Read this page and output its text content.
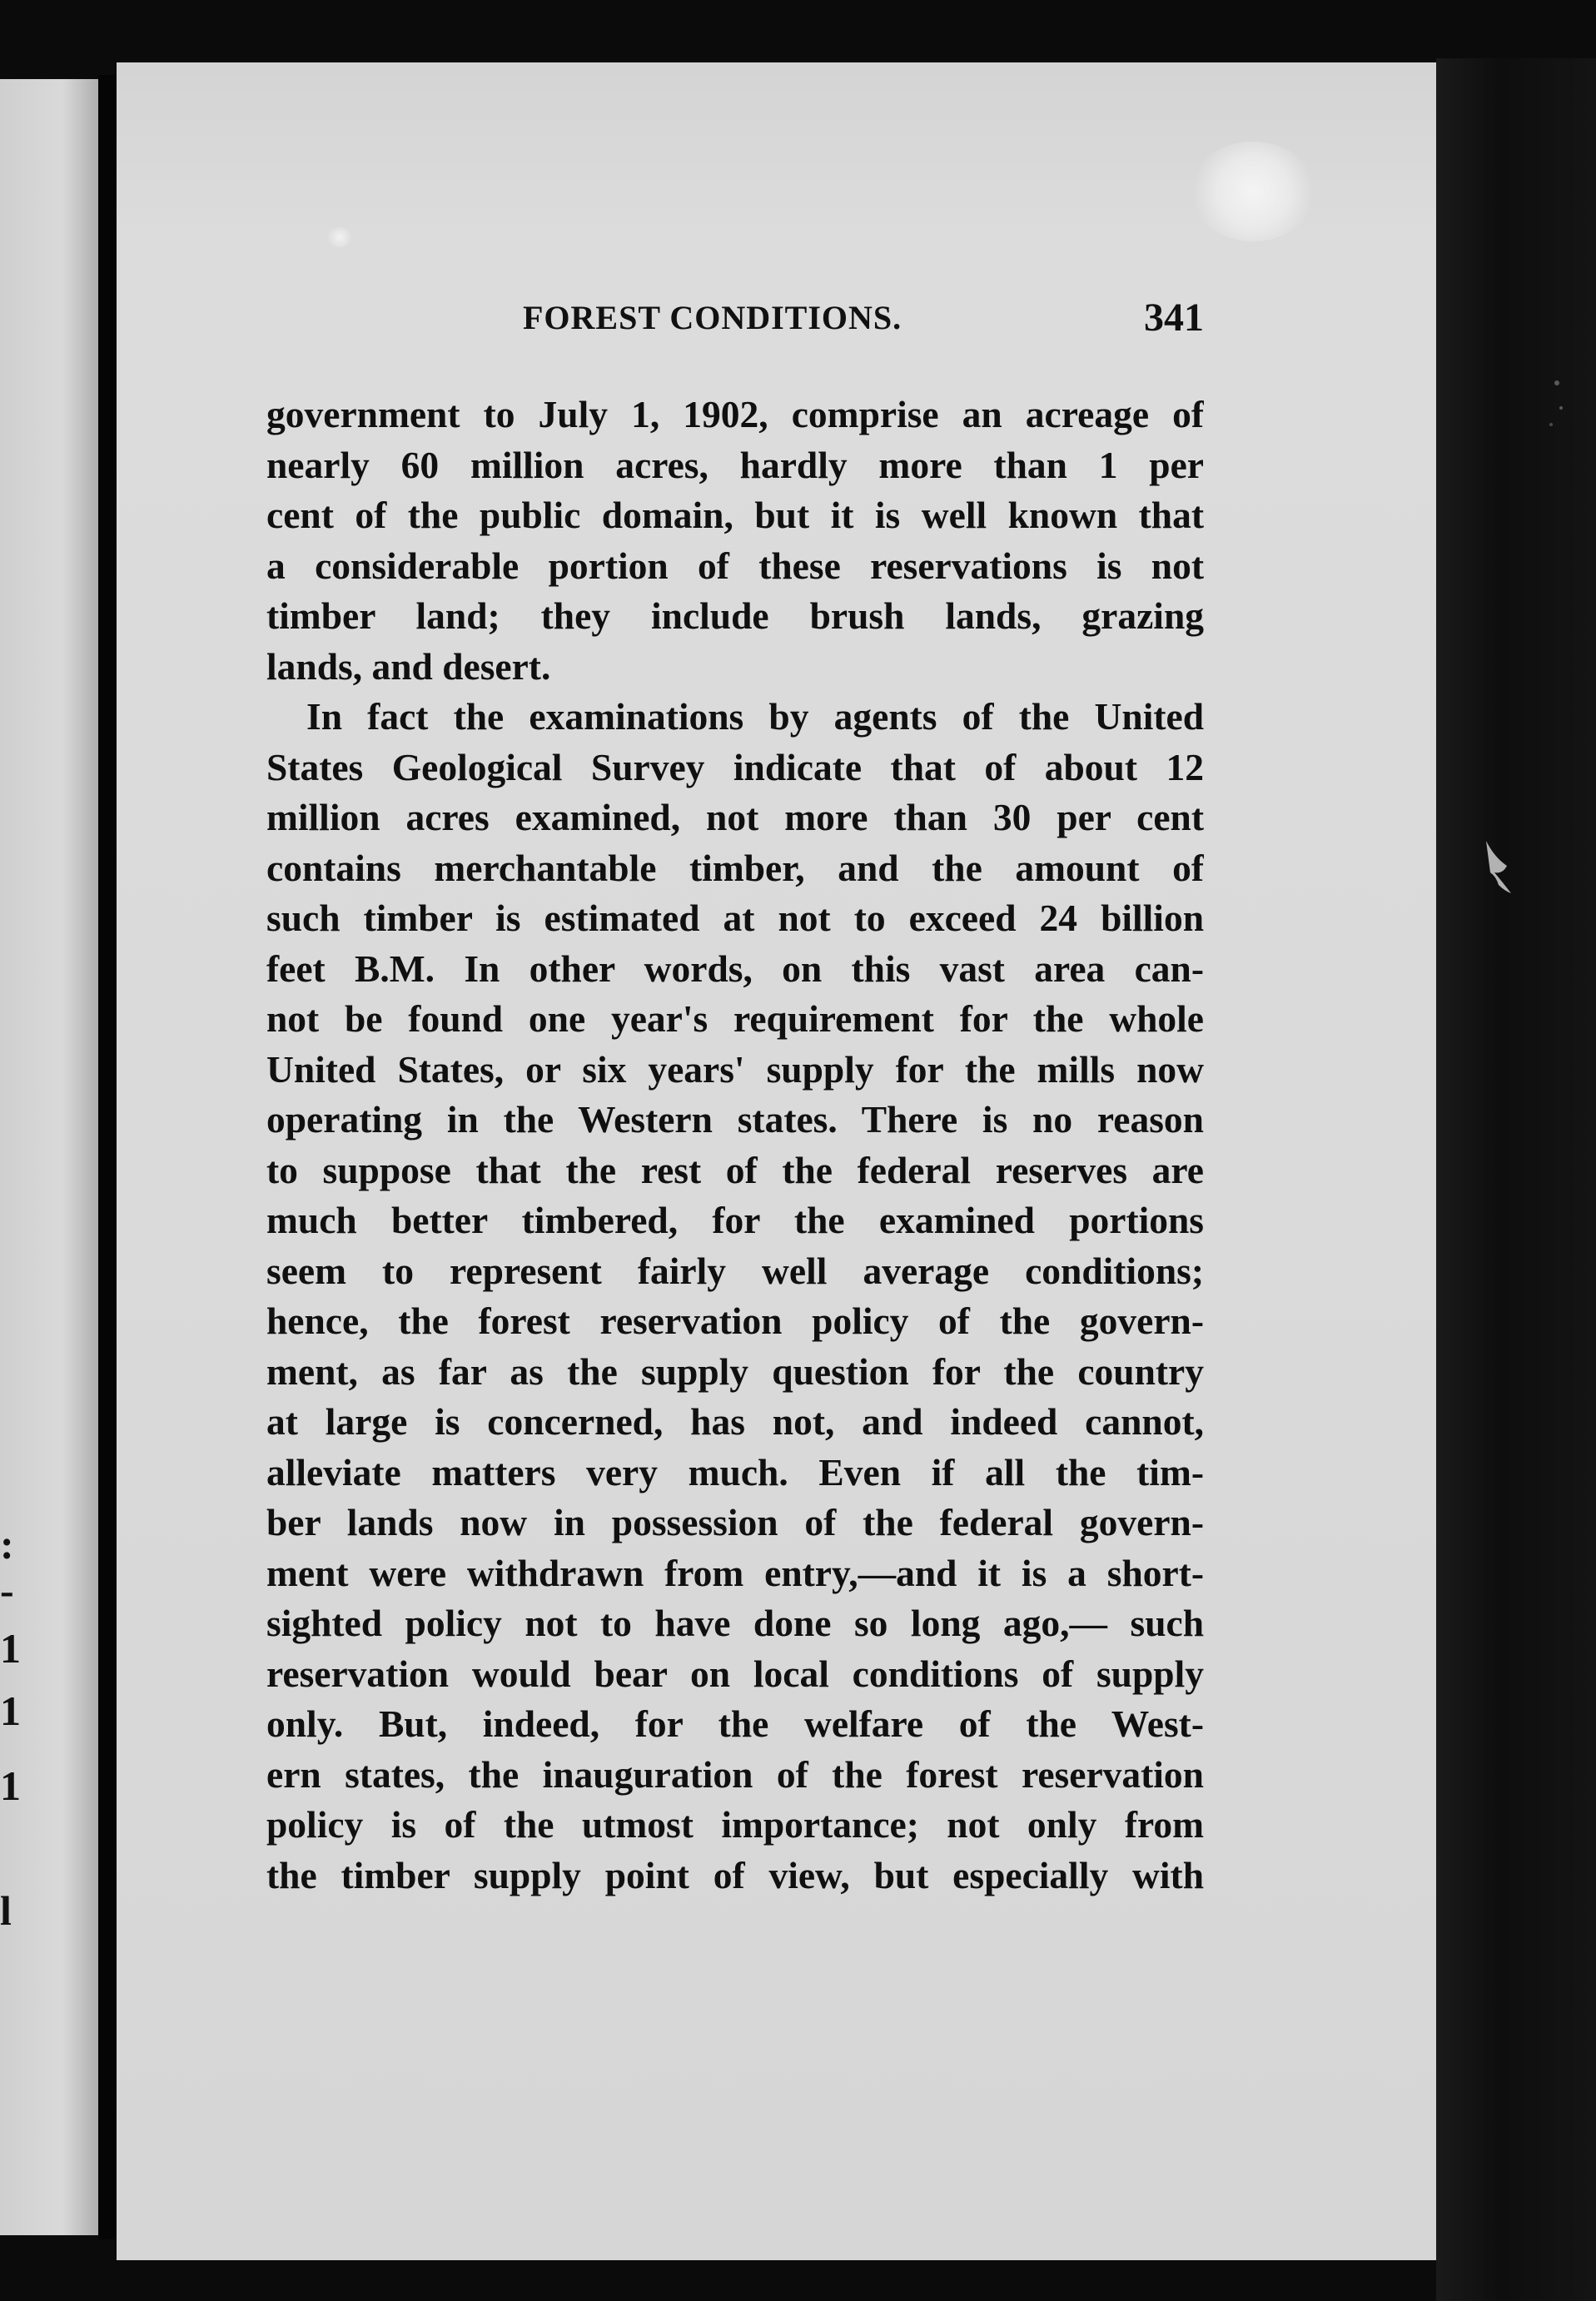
:
-
1
1
1
l
FOREST CONDITIONS.	341
government to July 1, 1902, comprise an acreage of
nearly 60 million acres, hardly more than 1 per
cent of the public domain, but it is well known that
a considerable portion of these reservations is not
timber land; they include brush lands, grazing
lands, and desert.
In fact the examinations by agents of the United
States Geological Survey indicate that of about 12
million acres examined, not more than 30 per cent
contains merchantable timber, and the amount of
such timber is estimated at not to exceed 24 billion
feet B.M. In other words, on this vast area can-
not be found one year's requirement for the whole
United States, or six years' supply for the mills now
operating in the Western states. There is no reason
to suppose that the rest of the federal reserves are
much better timbered, for the examined portions
seem to represent fairly well average conditions;
hence, the forest reservation policy of the govern-
ment, as far as the supply question for the country
at large is concerned, has not, and indeed cannot,
alleviate matters very much. Even if all the tim-
ber lands now in possession of the federal govern-
ment were withdrawn from entry,—and it is a short-
sighted policy not to have done so long ago,— such
reservation would bear on local conditions of supply
only. But, indeed, for the welfare of the West-
ern states, the inauguration of the forest reservation
policy is of the utmost importance; not only from
the timber supply point of view, but especially with
